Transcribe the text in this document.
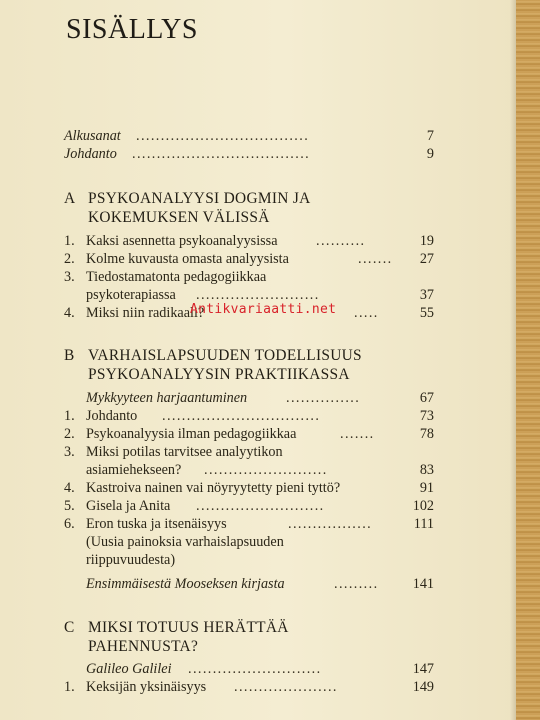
SISÄLLYS
Alkusanat ...................................	7
Johdanto ....................................	9
A PSYKOANALYYSI DOGMIN JA
KOKEMUKSEN VÄLISSÄ
1. Kaksi asennetta psykoanalyysissa	..........	19
2. Kolme kuvausta omasta analyysista	.......	27
3. Tiedostamatonta pedagogiikkaa
psykoterapiassa .........................	37
4. Miksi niin radikaali?	.....	55
Antikvariaatti.net
B VARHAISLAPSUUDEN TODELLISUUS
PSYKOANALYYSIN PRAKTIIKASSA
Mykkyyteen harjaantuminen	...............	67
1. Johdanto ................................	73
2. Psykoanalyysia ilman pedagogiikkaa	.......	78
3. Miksi potilas tarvitsee analyytikon
asiamiehekseen? .........................	83
4. Kastroiva nainen vai nöyryytetty pieni tyttö?	91
5. Gisela ja Anita ..........................	102
6. Eron tuska ja itsenäisyys	.................	111
(Uusia painoksia varhaislapsuuden
riippuvuudesta)
Ensimmäisestä Mooseksen kirjasta	.........	141
C MIKSI TOTUUS HERÄTTÄÄ
PAHENNUSTA?
Galileo Galilei ...........................	147
1. Keksijän yksinäisyys .....................	149
